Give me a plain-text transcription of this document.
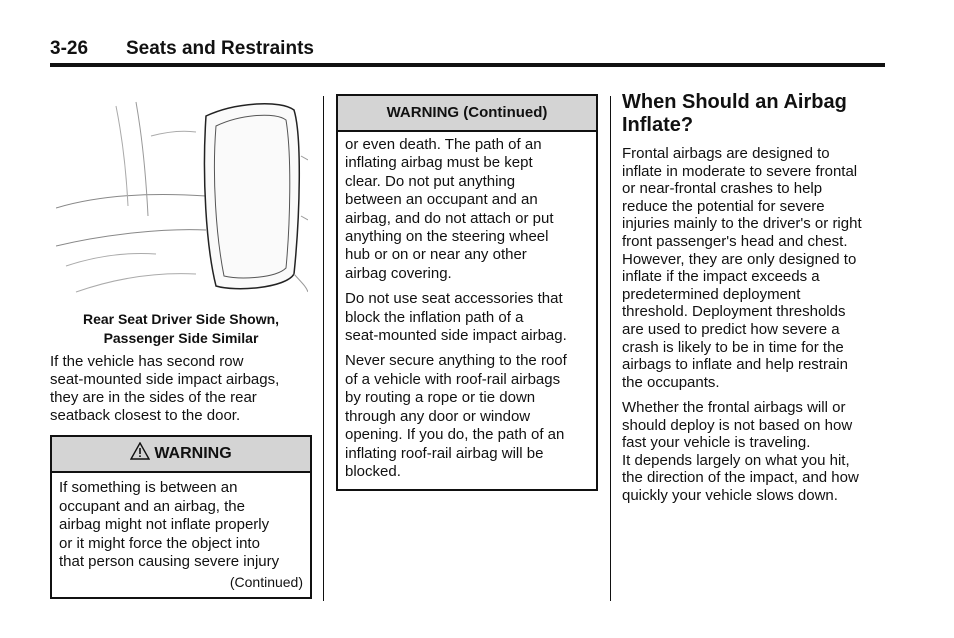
3-26 Seats and Restraints
Rear Seat Driver Side Shown,
Passenger Side Similar
If the vehicle has second row
seat-mounted side impact airbags,
they are in the sides of the rear
seatback closest to the door.
WARNING
If something is between an
occupant and an airbag, the
airbag might not inflate properly
or it might force the object into
that person causing severe injury
(Continued)
WARNING (Continued)

or even death. The path of an
inflating airbag must be kept
clear. Do not put anything
between an occupant and an
airbag, and do not attach or put
anything on the steering wheel
hub or on or near any other
airbag covering.

Do not use seat accessories that
block the inflation path of a
seat-mounted side impact airbag.

Never secure anything to the roof
of a vehicle with roof-rail airbags
by routing a rope or tie down
through any door or window
opening. If you do, the path of an
inflating roof-rail airbag will be
blocked.

When Should an Airbag
Inflate?
Frontal airbags are designed to
inflate in moderate to severe frontal
or near-frontal crashes to help
reduce the potential for severe
injuries mainly to the driver's or right
front passenger's head and chest.
However, they are only designed to
inflate if the impact exceeds a
predetermined deployment
threshold. Deployment thresholds
are used to predict how severe a
crash is likely to be in time for the
airbags to inflate and help restrain
the occupants.
Whether the frontal airbags will or
should deploy is not based on how
fast your vehicle is traveling.
It depends largely on what you hit,
the direction of the impact, and how
quickly your vehicle slows down.
